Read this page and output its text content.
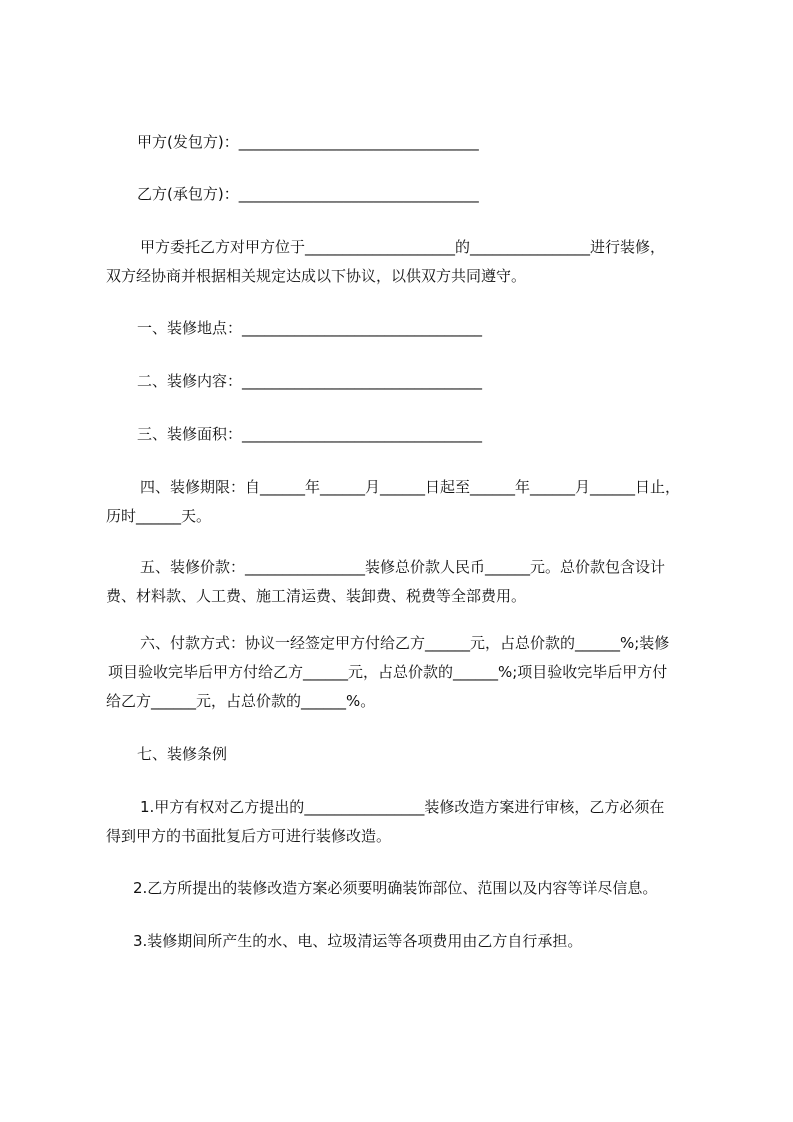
甲方(发包方)：________________________________
乙方(承包方)：________________________________
甲方委托乙方对甲方位于____________________的________________进行装修，
双方经协商并根据相关规定达成以下协议，以供双方共同遵守。
一、装修地点：________________________________
二、装修内容：________________________________
三、装修面积：________________________________
四、装修期限：自______年______月______日起至______年______月______日止，
历时______天。
五、装修价款：________________装修总价款人民币______元。总价款包含设计
费、材料款、人工费、施工清运费、装卸费、税费等全部费用。
六、付款方式：协议一经签定甲方付给乙方______元，占总价款的______%;装修
项目验收完毕后甲方付给乙方______元，占总价款的______%;项目验收完毕后甲方付
给乙方______元，占总价款的______%。
七、装修条例
1.甲方有权对乙方提出的________________装修改造方案进行审核，乙方必须在
得到甲方的书面批复后方可进行装修改造。
2.乙方所提出的装修改造方案必须要明确装饰部位、范围以及内容等详尽信息。
3.装修期间所产生的水、电、垃圾清运等各项费用由乙方自行承担。
